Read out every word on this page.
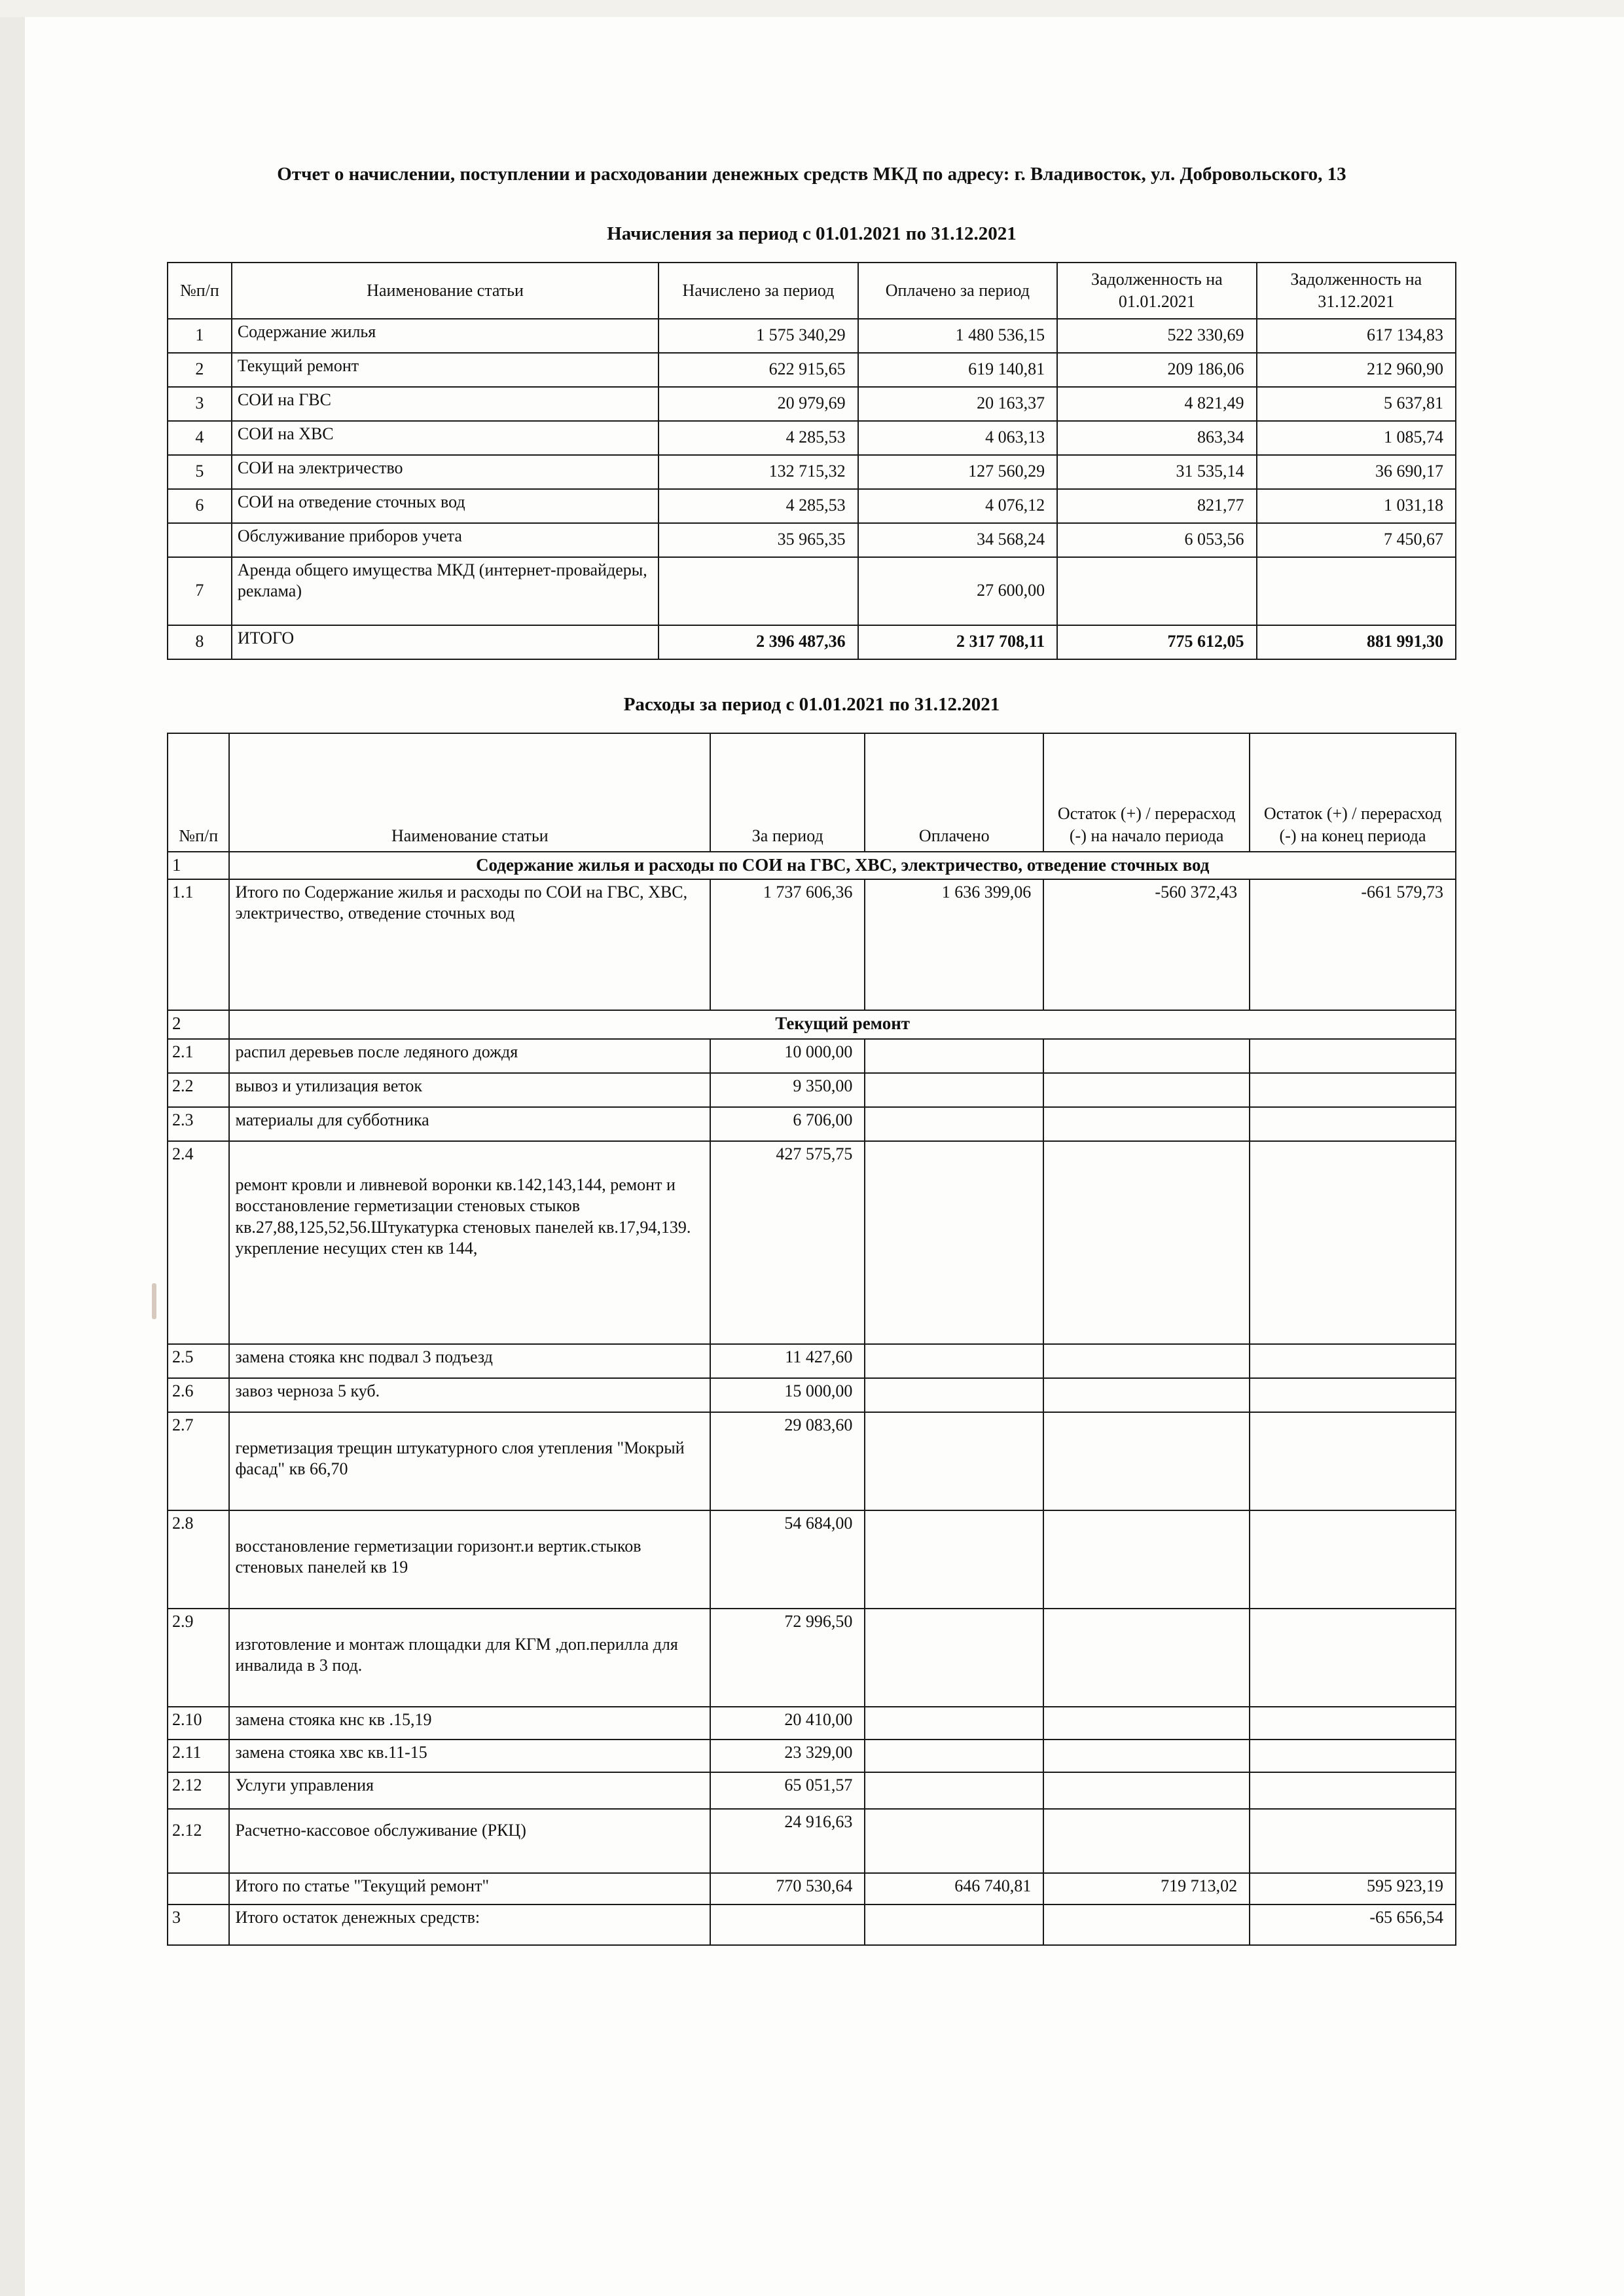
Отчет о начислении, поступлении и расходовании денежных средств МКД по адресу: г. Владивосток, ул. Добровольского, 13
Начисления за период с 01.01.2021 по 31.12.2021
№п/п	Наименование статьи	Начислено за период	Оплачено за период	Задолженность на 01.01.2021	Задолженность на 31.12.2021
1	Содержание жилья	1 575 340,29	1 480 536,15	522 330,69	617 134,83
2	Текущий ремонт	622 915,65	619 140,81	209 186,06	212 960,90
3	СОИ на ГВС	20 979,69	20 163,37	4 821,49	5 637,81
4	СОИ на ХВС	4 285,53	4 063,13	863,34	1 085,74
5	СОИ на электричество	132 715,32	127 560,29	31 535,14	36 690,17
6	СОИ на отведение сточных вод	4 285,53	4 076,12	821,77	1 031,18
	Обслуживание приборов учета	35 965,35	34 568,24	6 053,56	7 450,67
7	Аренда общего имущества МКД (интернет-провайдеры, реклама)		27 600,00		
8	ИТОГО	2 396 487,36	2 317 708,11	775 612,05	881 991,30
Расходы за период с 01.01.2021 по 31.12.2021
№п/п	Наименование статьи	За период	Оплачено	Остаток (+) / перерасход (-) на начало периода	Остаток (+) / перерасход (-) на конец периода
1	Содержание жилья и расходы по СОИ на ГВС, ХВС, электричество, отведение сточных вод				
1.1	Итого по Содержание жилья и расходы по СОИ на ГВС, ХВС, электричество, отведение сточных вод	1 737 606,36	1 636 399,06	-560 372,43	-661 579,73
2	Текущий ремонт				
2.1	распил деревьев после ледяного дождя	10 000,00			
2.2	вывоз и утилизация веток	9 350,00			
2.3	материалы для субботника	6 706,00			
2.4	ремонт кровли и ливневой воронки кв.142,143,144, ремонт и восстановление герметизации стеновых стыков кв.27,88,125,52,56.Штукатурка стеновых панелей кв.17,94,139. укрепление несущих стен кв 144,	427 575,75			
2.5	замена стояка кнс подвал 3 подъезд	11 427,60			
2.6	завоз черноза 5 куб.	15 000,00			
2.7	герметизация трещин штукатурного слоя утепления "Мокрый фасад" кв 66,70	29 083,60			
2.8	восстановление герметизации горизонт.и вертик.стыков стеновых панелей кв 19	54 684,00			
2.9	изготовление и монтаж площадки для КГМ ,доп.перилла для инвалида в 3 под.	72 996,50			
2.10	замена стояка кнс кв .15,19	20 410,00			
2.11	замена стояка хвс кв.11-15	23 329,00			
2.12	Услуги управления	65 051,57			
2.12	Расчетно-кассовое обслуживание (РКЦ)	24 916,63			
	Итого по статье "Текущий ремонт"	770 530,64	646 740,81	719 713,02	595 923,19
3	Итого остаток денежных средств:				-65 656,54
